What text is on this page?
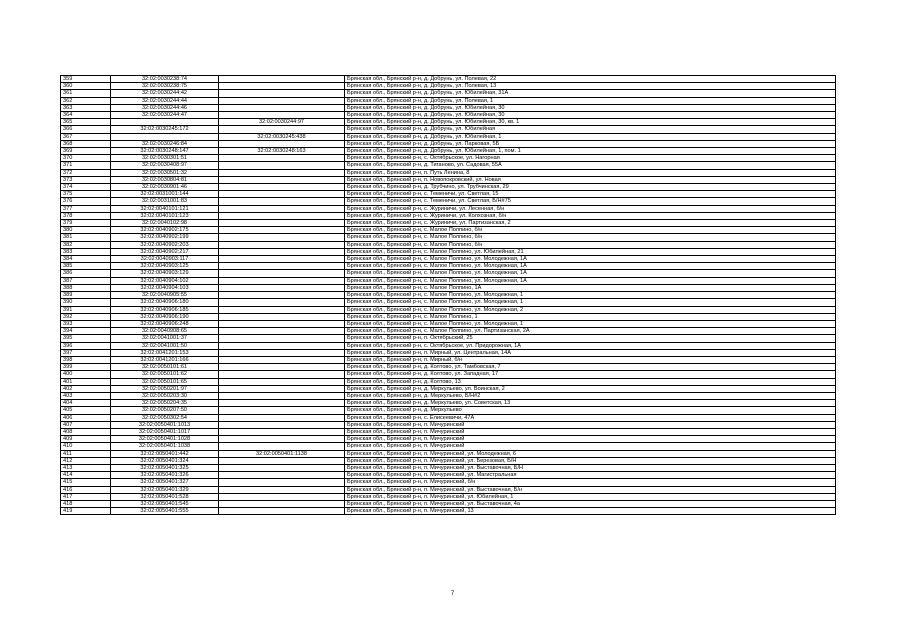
359	32:02:0030238:74		Брянская обл., Брянский р-н, д. Добрунь, ул. Полевая, 22
360	32:02:0030238:75		Брянская обл., Брянский р-н, д. Добрунь, ул. Полевая, 13
361	32:02:0030244:42		Брянская обл., Брянский р-н, д. Добрунь, ул. Юбилейная, 31А
362	32:02:0030244:44		Брянская обл., Брянский р-н, д. Добрунь, ул. Полевая, 1
363	32:02:0030244:46		Брянская обл., Брянский р-н, д. Добрунь, ул. Юбилейная, 30
364	32:02:0030244:47		Брянская обл., Брянский р-н, д. Добрунь, ул. Юбилейная, 30
365		32:02:0030244:97	Брянская обл., Брянский р-н, д. Добрунь, ул. Юбилейная, 30, кв. 1
366	32:02:0030245:172		Брянская обл., Брянский р-н, д. Добрунь, ул. Юбилейная
367		32:02:0030245:438	Брянская обл., Брянский р-н, д. Добрунь, ул. Юбилейная, 1
368	32:02:0030246:84		Брянская обл., Брянский р-н, д. Добрунь, ул. Парковая, 5Б
369	32:02:0030248:147	32:02:0030248:163	Брянская обл., Брянский р-н, д. Добрунь, ул. Юбилейная, 1, пом. 1
370	32:02:0030301:51		Брянская обл., Брянский р-н, с. Октябрьское, ул. Нагорная
371	32:02:0030408:97		Брянская обл., Брянский р-н, д. Тиганово, ул. Садовая, 55А
372	32:02:0030501:32		Брянская обл., Брянский р-н, п. Путь Ленина, 8
373	32:02:0030804:81		Брянская обл., Брянский р-н, п. Новопокровский, ул. Новая
374	32:02:0030901:46		Брянская обл., Брянский р-н, д. Трубчино, ул. Трубчинская, 29
375	32:02:0031001:144		Брянская обл., Брянский р-н, с. Теменичи, ул. Светлая, 15
376	32:02:0031001:83		Брянская обл., Брянский р-н, с. Теменичи, ул. Светлая, Б/Н#75
377	32:02:0040101:121		Брянская обл., Брянский р-н, с. Журиничи, ул. Лесенная, б/н
378	32:02:0040101:123		Брянская обл., Брянский р-н, с. Журиничи, ул. Колхозная, б/н
379	32:02:0040102:98		Брянская обл., Брянский р-н, с. Журиничи, ул. Партизанская, 2
380	32:02:0040902:175		Брянская обл., Брянский р-н, с. Малое Полпино, б/н
381	32:02:0040902:199		Брянская обл., Брянский р-н, с. Малое Полпино, б/н
382	32:02:0040902:203		Брянская обл., Брянский р-н, с. Малое Полпино, б/н
383	32:02:0040902:217		Брянская обл., Брянский р-н, с. Малое Полпино, ул. Юбилейная, 21
384	32:02:0040903:117		Брянская обл., Брянский р-н, с. Малое Полпино, ул. Молодежная, 1А
385	32:02:0040903:125		Брянская обл., Брянский р-н, с. Малое Полпино, ул. Молодежная, 1А
386	32:02:0040903:129		Брянская обл., Брянский р-н, с. Малое Полпино, ул. Молодежная, 1А
387	32:02:0040904:102		Брянская обл., Брянский р-н, с. Малое Полпино, ул. Молодежная, 1А
388	32:02:0040904:103		Брянская обл., Брянский р-н, с. Малое Полпино, 1А
389	32:02:0040905:55		Брянская обл., Брянский р-н, с. Малое Полпино, ул. Молодежная, 1
390	32:02:0040906:180		Брянская обл., Брянский р-н, с. Малое Полпино, ул. Молодежная, 1
391	32:02:0040906:185		Брянская обл., Брянский р-н, с. Малое Полпино, ул. Молодежная, 2
392	32:02:0040906:190		Брянская обл., Брянский р-н, с. Малое Полпино, 1
393	32:02:0040906:248		Брянская обл., Брянский р-н, с. Малое Полпино, ул. Молодежная, 1
394	32:02:0040908:65		Брянская обл., Брянский р-н, с. Малое Полпино, ул. Партизанская, 2А
395	32:02:0041001:37		Брянская обл., Брянский р-н, п. Октябрьский, 25
396	32:02:0041001:50		Брянская обл., Брянский р-н, с. Октябрьское, ул. Придорожная, 1А
397	32:02:0041201:153		Брянская обл., Брянский р-н, п. Мирный, ул. Центральная, 14А
398	32:02:0041201:166		Брянская обл., Брянский р-н, п. Мирный, б/н
399	32:02:0050101:61		Брянская обл., Брянский р-н, д. Колтово, ул. Тамбовская, 7
400	32:02:0050101:62		Брянская обл., Брянский р-н, д. Колтово, ул. Западная, 17
401	32:02:0050101:65		Брянская обл., Брянский р-н, д. Колтово, 13
402	32:02:0050201:97		Брянская обл., Брянский р-н, д. Меркульево, ул. Воинская, 2
403	32:02:0050203:30		Брянская обл., Брянский р-н, д. Меркульево, Б/Н#2
404	32:02:0050204:35		Брянская обл., Брянский р-н, д. Меркульево, ул. Советская, 13
405	32:02:0050207:50		Брянская обл., Брянский р-н, д. Меркульево
406	32:02:0050302:54		Брянская обл., Брянский р-н, с. Елисеевичи, 47А
407	32:02:0050401:1013		Брянская обл., Брянский р-н, п. Мичуринский
408	32:02:0050401:1017		Брянская обл., Брянский р-н, п. Мичуринский
409	32:02:0050401:1028		Брянская обл., Брянский р-н, п. Мичуринский
410	32:02:0050401:1038		Брянская обл., Брянский р-н, п. Мичуринский
411	32:02:0050401:442	32:02:0050401:1138	Брянская обл., Брянский р-н, п. Мичуринский, ул. Молодежная, 6
412	32:02:0050401:324		Брянская обл., Брянский р-н, п. Мичуринский, ул. Березовая, Б/Н
413	32:02:0050401:325		Брянская обл., Брянский р-н, п. Мичуринский, ул. Выставочная, Б/Н
414	32:02:0050401:326		Брянская обл., Брянский р-н, п. Мичуринский, ул. Магистральная
415	32:02:0050401:327		Брянская обл., Брянский р-н, п. Мичуринский, б/н
416	32:02:0050401:329		Брянская обл., Брянский р-н, п. Мичуринский, ул. Выставочная, Б/н
417	32:02:0050401:528		Брянская обл., Брянский р-н, п. Мичуринский, ул. Юбилейная, 1
418	32:02:0050401:545		Брянская обл., Брянский р-н, п. Мичуринский, ул. Выставочная, 4а
419	32:02:0050401:555		Брянская обл., Брянский р-н, п. Мичуринский, 13
7
